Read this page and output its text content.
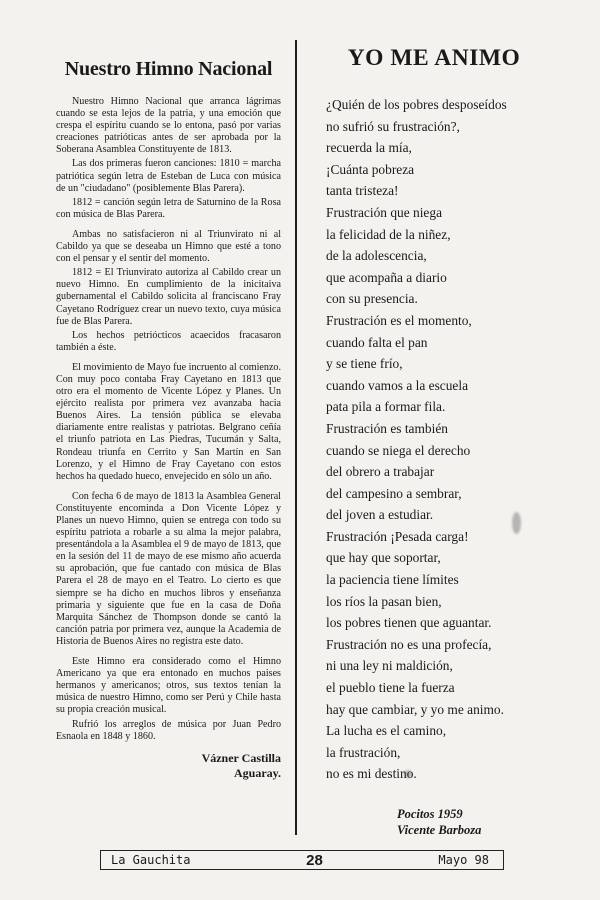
Nuestro Himno Nacional

Nuestro Himno Nacional que arranca lágrimas cuando se esta lejos de la patria, y una emoción que crespa el espíritu cuando se lo entona, pasó por varias creaciones patrióticas antes de ser aprobada por la Soberana Asamblea Constituyente de 1813.

Las dos primeras fueron canciones: 1810 = marcha patriótica según letra de Esteban de Luca con música de un "ciudadano" (posiblemente Blas Parera).

1812 = canción según letra de Saturnino de la Rosa con música de Blas Parera.

Ambas no satisfacieron ni al Triunvirato ni al Cabildo ya que se deseaba un Himno que esté a tono con el pensar y el sentir del momento.

1812 = El Triunvirato autoriza al Cabildo crear un nuevo Himno. En cumplimiento de la inicitaiva gubernamental el Cabildo solicita al franciscano Fray Cayetano Rodríguez crear un nuevo texto, cuya música fue de Blas Parera.

Los hechos petriócticos acaecidos fracasaron también a éste.

El movimiento de Mayo fue incruento al comienzo. Con muy poco contaba Fray Cayetano en 1813 que otro era el momento de Vicente López y Planes. Un ejército realista por primera vez avanzaba hacia Buenos Aires. La tensión pública se elevaba diariamente entre realistas y patriotas. Belgrano ceñía el triunfo patriota en Las Piedras, Tucumán y Salta, Rondeau triunfa en Cerrito y San Martín en San Lorenzo, y el Himno de Fray Cayetano con estos hechos ha quedado hueco, envejecido en sólo un año.

Con fecha 6 de mayo de 1813 la Asamblea General Constituyente encominda a Don Vicente López y Planes un nuevo Himno, quien se entrega con todo su espíritu patriota a robarle a su alma la mejor palabra, presentándola a la Asamblea el 9 de mayo de 1813, que en la sesión del 11 de mayo de ese mismo año acuerda su aprobación, que fue cantado con música de Blas Parera el 28 de mayo en el Teatro. Lo cierto es que siempre se ha dicho en muchos libros y enseñanza primaria y siguiente que fue en la casa de Doña Marquita Sánchez de Thompson donde se cantó la canción patria por primera vez, aunque la Academia de Historia de Buenos Aires no registra este dato.

Este Himno era considerado como el Himno Americano ya que era entonado en muchos paises hermanos y americanos; otros, sus textos tenían la música de nuestro Himno, como ser Perú y Chile hasta su propia creación musical.

Rufrió los arreglos de música por Juan Pedro Esnaola en 1848 y 1860.

Vázner Castilla
Aguaray.
YO ME ANIMO
¿Quién de los pobres desposeídos
no sufrió su frustración?,
recuerda la mía,
¡Cuánta pobreza
tanta tristeza!
Frustración que niega
la felicidad de la niñez,
de la adolescencia,
que acompaña a diario
con su presencia.
Frustración es el momento,
cuando falta el pan
y se tiene frío,
cuando vamos a la escuela
pata pila a formar fila.
Frustración es también
cuando se niega el derecho
del obrero a trabajar
del campesino a sembrar,
del joven a estudiar.
Frustración ¡Pesada carga!
que hay que soportar,
la paciencia tiene límites
los ríos la pasan bien,
los pobres tienen que aguantar.
Frustración no es una profecía,
ni una ley ni maldición,
el pueblo tiene la fuerza
hay que cambiar, y yo me animo.
La lucha es el camino,
la frustración,
no es mi destino.
Pocitos 1959
Vicente Barboza
La Gauchita	28	Mayo 98
